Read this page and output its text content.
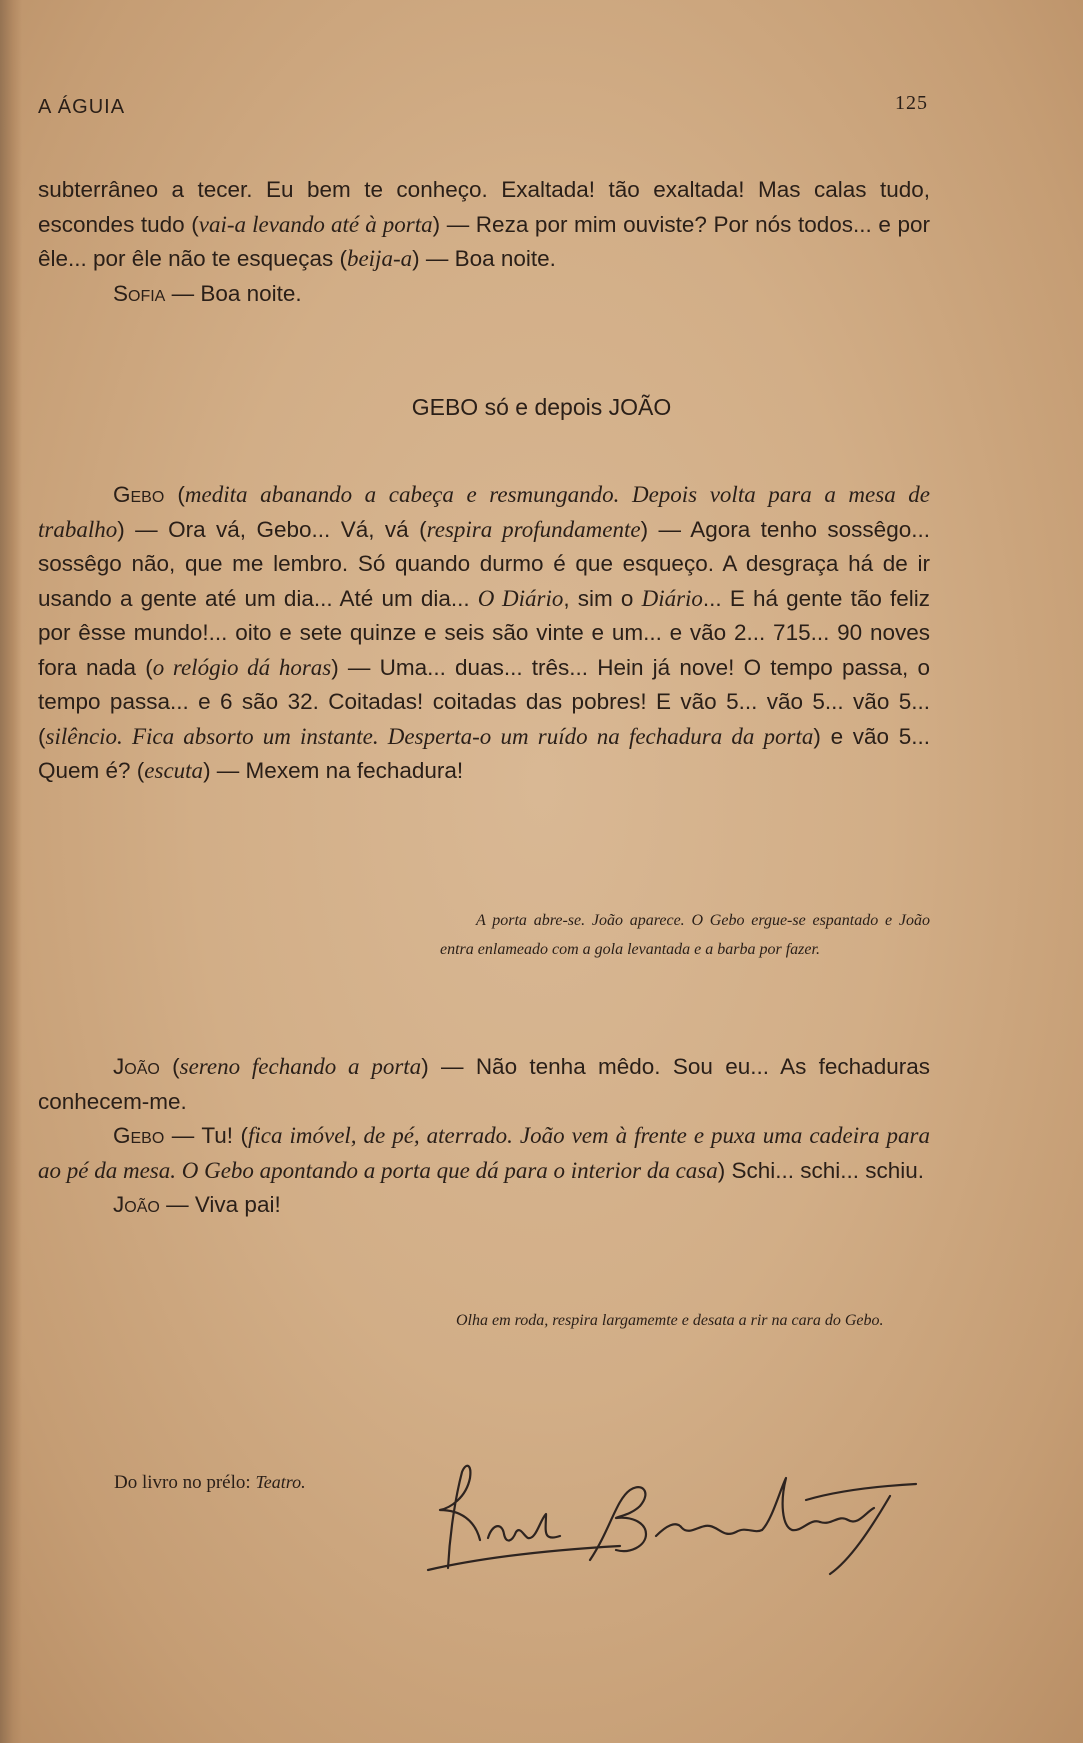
A ÁGUIA	125

subterrâneo a tecer. Eu bem te conheço. Exaltada! tão exaltada! Mas calas tudo, escondes tudo (vai-a levando até à porta) — Reza por mim ouviste? Por nós todos... e por êle... por êle não te esqueças (beija-a) — Boa noite.

Sofia — Boa noite.

GEBO só e depois JOÃO

Gebo (medita abanando a cabeça e resmungando. Depois volta para a mesa de trabalho) — Ora vá, Gebo... Vá, vá (respira profundamente) — Agora tenho sossêgo... sossêgo não, que me lembro. Só quando durmo é que esqueço. A desgraça há de ir usando a gente até um dia... Até um dia... O Diário, sim o Diário... E há gente tão feliz por êsse mundo!... oito e sete quinze e seis são vinte e um... e vão 2... 715... 90 noves fora nada (o relógio dá horas) — Uma... duas... três... Hein já nove! O tempo passa, o tempo passa... e 6 são 32. Coitadas! coitadas das pobres! E vão 5... vão 5... vão 5... (silêncio. Fica absorto um instante. Desperta-o um ruído na fechadura da porta) e vão 5... Quem é? (escuta) — Mexem na fechadura!

A porta abre-se. João aparece. O Gebo ergue-se espantado e João entra enlameado com a gola levantada e a barba por fazer.

João (sereno fechando a porta) — Não tenha mêdo. Sou eu... As fechaduras conhecem-me.

Gebo — Tu! (fica imóvel, de pé, aterrado. João vem à frente e puxa uma cadeira para ao pé da mesa. O Gebo apontando a porta que dá para o interior da casa) Schi... schi... schiu.

João — Viva pai!

Olha em roda, respira largamemte e desata a rir na cara do Gebo.
Do livro no prélo: Teatro.
